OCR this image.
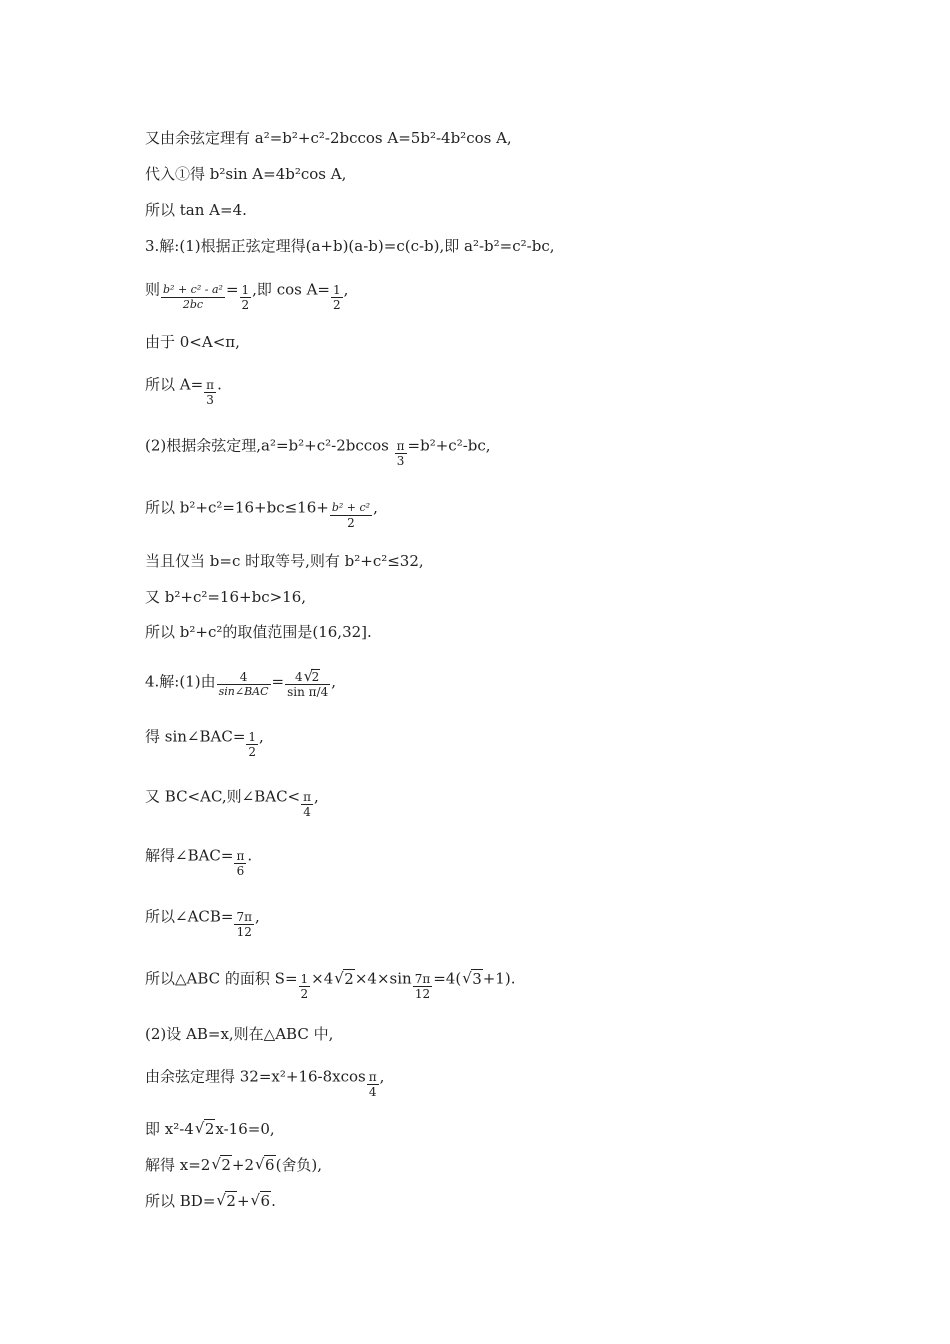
又由余弦定理有 a²=b²+c²-2bccos A=5b²-4b²cos A,
代入①得 b²sin A=4b²cos A,
所以 tan A=4.
3.解:(1)根据正弦定理得(a+b)(a-b)=c(c-b),即 a²-b²=c²-bc,
则 $\frac{\text{b² + c² - a²}}{2bc} = \frac{1}{2}$ ,即 $\cos A= \frac{1}{2}$ ,
由于 0<A<π,
所以 $A= \frac{\pi}{3}$ .
(2)根据余弦定理$,a^2=b^2+c^2-2bccos \frac{\pi}{3} =b^2+c^2-bc$,
所以 $b^2+c^2=16+bc\le 16+ \frac{\text{b² + c²}}{2}$ ,
当且仅当 b=c 时取等号,则有 b²+c²≤32,
又 b²+c²=16+bc>16,
所以 b²+c²的取值范围是(16,32].
4.解:(1)由 $\frac{4}{\text{sin∠BAC}} = \frac{4√ 2}{\text{sin π/4}}$ ,
得 sin∠BAC= $\frac{1}{2}$ ,
又 BC<AC,则∠BAC< $\frac{\pi}{4}$ ,
解得∠BAC= $\frac{\pi}{6}$ .
所以∠ACB= $\frac{7\pi}{12}$ ,
所以△ABC 的面积 $S= \frac{1}{2} \times 4√$ $2\times 4\times\sin \frac{7\pi}{12} =4(√$ 3+1).
(2)设 AB=x,则在△ABC 中,
由余弦定理得 $32=x^2+16-8xcos \frac{\pi}{4}$ ,
即 x²-4√ 2x-16=0,
解得 x=2√ 2+2√ 6(舍负),
所以 BD=√ 2+√ 6.
